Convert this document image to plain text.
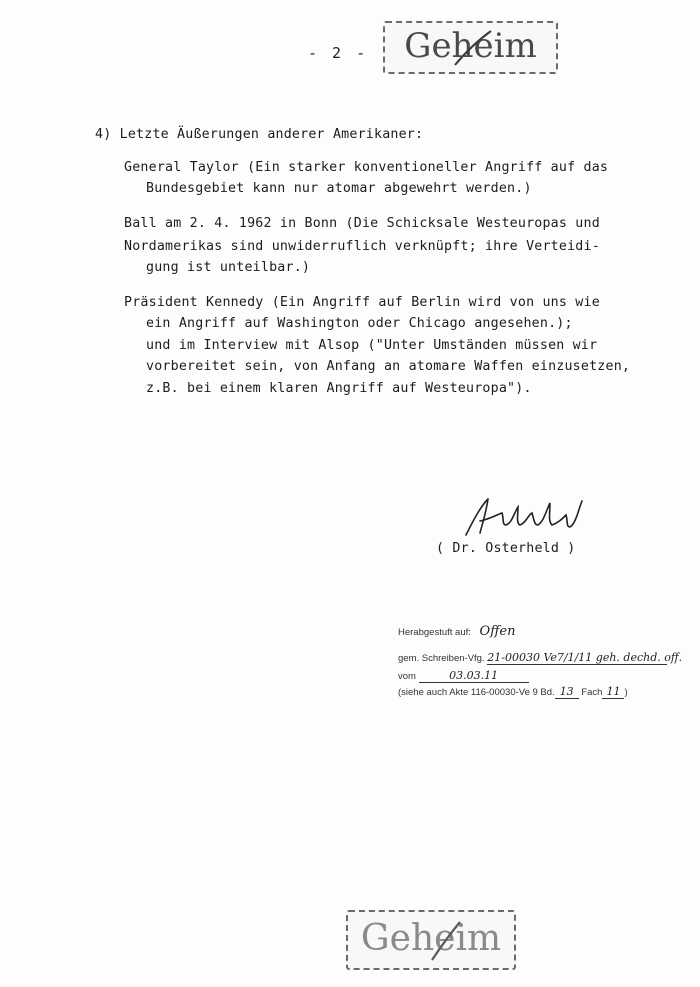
- 2 -	Geheim
4) Letzte Äußerungen anderer Amerikaner:
General Taylor (Ein starker konventioneller Angriff auf das
Bundesgebiet kann nur atomar abgewehrt werden.)
Ball am 2. 4. 1962 in Bonn (Die Schicksale Westeuropas und
Nordamerikas sind unwiderruflich verknüpft; ihre Verteidi-
gung ist unteilbar.)
Präsident Kennedy (Ein Angriff auf Berlin wird von uns wie
ein Angriff auf Washington oder Chicago angesehen.);
und im Interview mit Alsop ("Unter Umständen müssen wir
vorbereitet sein, von Anfang an atomare Waffen einzusetzen,
z.B. bei einem klaren Angriff auf Westeuropa").
( Dr. Osterheld )
Herabgestuft auf: Offen
gem. Schreiben-Vfg. 21-00030 Ve7/1/11 geh. dechd. off.
vom	03.03.11
(siehe auch Akte 116-00030-Ve 9 Bd. 13 Fach 11 )
Geheim
